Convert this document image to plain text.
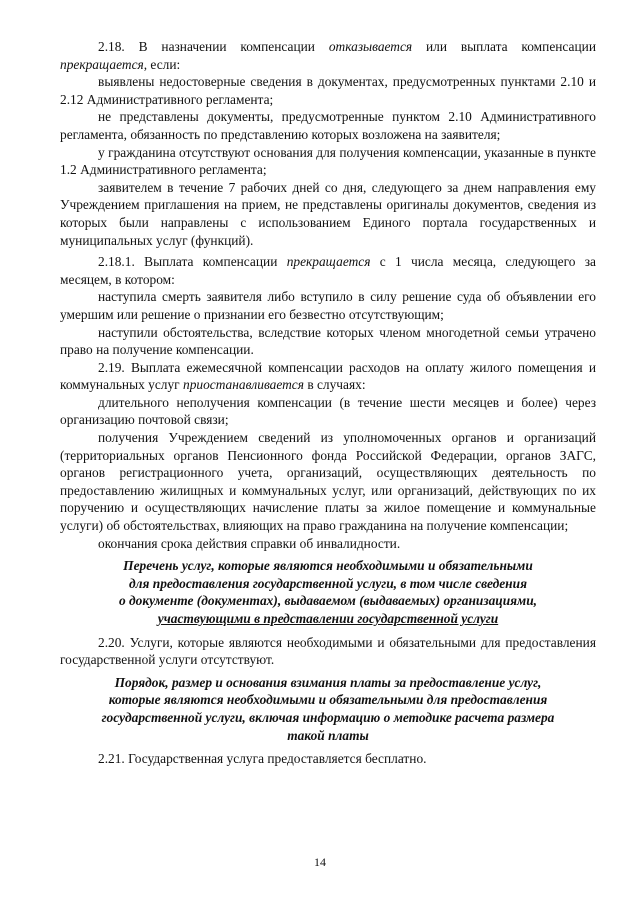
2.18. В назначении компенсации отказывается или выплата компенсации прекращается, если:

выявлены недостоверные сведения в документах, предусмотренных пунктами 2.10 и 2.12 Административного регламента;

не представлены документы, предусмотренные пунктом 2.10 Административного регламента, обязанность по представлению которых возложена на заявителя;

у гражданина отсутствуют основания для получения компенсации, указанные в пункте 1.2 Административного регламента;

заявителем в течение 7 рабочих дней со дня, следующего за днем направления ему Учреждением приглашения на прием, не представлены оригиналы документов, сведения из которых были направлены с использованием Единого портала государственных и муниципальных услуг (функций).

2.18.1. Выплата компенсации прекращается с 1 числа месяца, следующего за месяцем, в котором:

наступила смерть заявителя либо вступило в силу решение суда об объявлении его умершим или решение о признании его безвестно отсутствующим;

наступили обстоятельства, вследствие которых членом многодетной семьи утрачено право на получение компенсации.

2.19. Выплата ежемесячной компенсации расходов на оплату жилого помещения и коммунальных услуг приостанавливается в случаях:

длительного неполучения компенсации (в течение шести месяцев и более) через организацию почтовой связи;

получения Учреждением сведений из уполномоченных органов и организаций (территориальных органов Пенсионного фонда Российской Федерации, органов ЗАГС, органов регистрационного учета, организаций, осуществляющих деятельность по предоставлению жилищных и коммунальных услуг, или организаций, действующих по их поручению и осуществляющих начисление платы за жилое помещение и коммунальные услуги) об обстоятельствах, влияющих на право гражданина на получение компенсации;

окончания срока действия справки об инвалидности.

Перечень услуг, которые являются необходимыми и обязательными
для предоставления государственной услуги, в том числе сведения
о документе (документах), выдаваемом (выдаваемых) организациями,
участвующими в представлении государственной услуги

2.20. Услуги, которые являются необходимыми и обязательными для предоставления государственной услуги отсутствуют.

Порядок, размер и основания взимания платы за предоставление услуг,
которые являются необходимыми и обязательными для предоставления
государственной услуги, включая информацию о методике расчета размера
такой платы

2.21. Государственная услуга предоставляется бесплатно.

14
